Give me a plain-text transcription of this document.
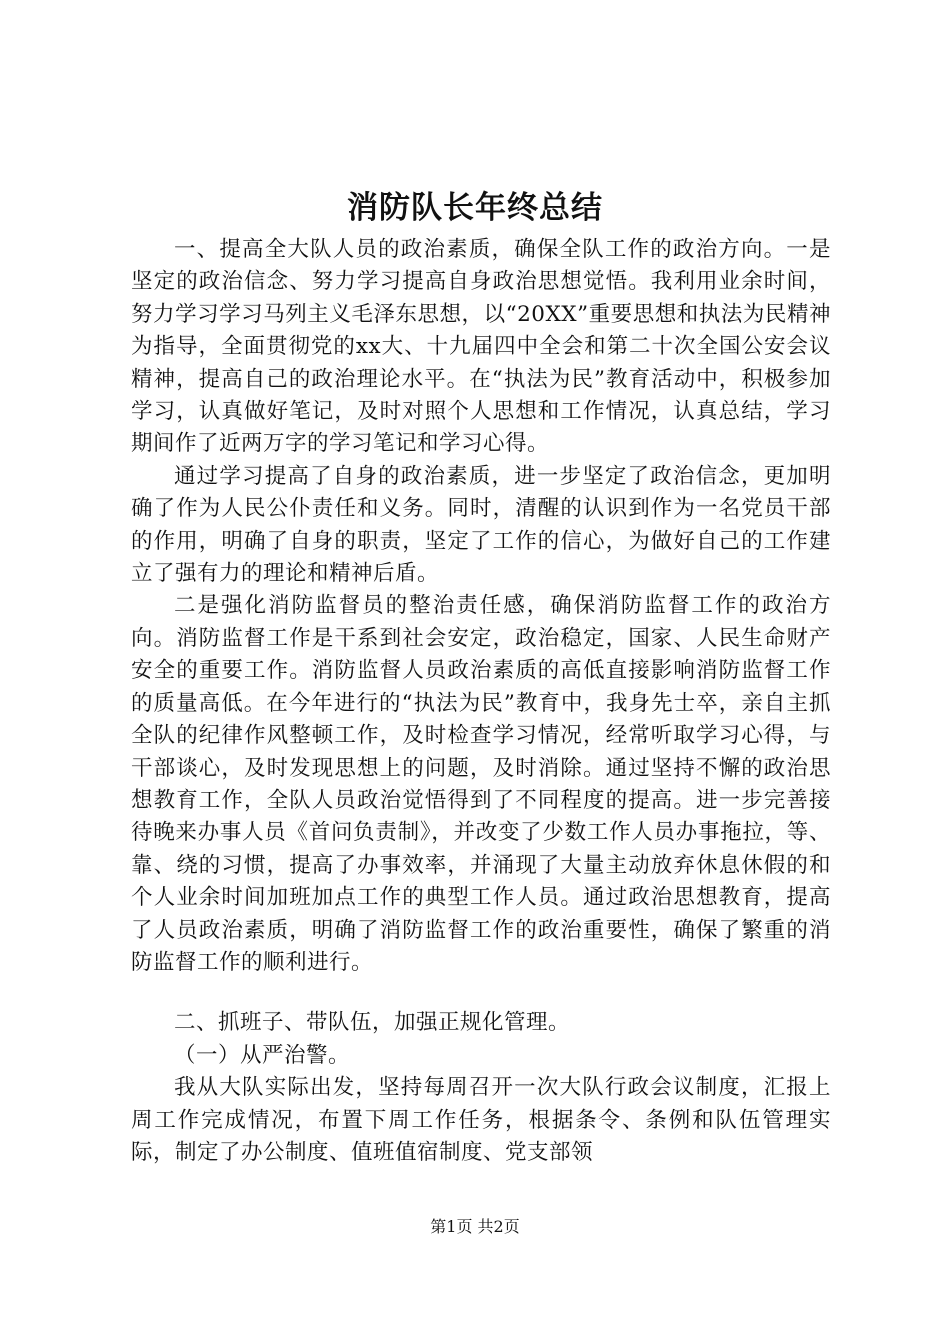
消防队长年终总结

一、提高全大队人员的政治素质，确保全队工作的政治方向。一是坚定的政治信念、努力学习提高自身政治思想觉悟。我利用业余时间，努力学习学习马列主义毛泽东思想，以“20XX”重要思想和执法为民精神为指导，全面贯彻党的xx大、十九届四中全会和第二十次全国公安会议精神，提高自己的政治理论水平。在“执法为民”教育活动中，积极参加学习，认真做好笔记，及时对照个人思想和工作情况，认真总结，学习期间作了近两万字的学习笔记和学习心得。

通过学习提高了自身的政治素质，进一步坚定了政治信念，更加明确了作为人民公仆责任和义务。同时，清醒的认识到作为一名党员干部的作用，明确了自身的职责，坚定了工作的信心，为做好自己的工作建立了强有力的理论和精神后盾。

二是强化消防监督员的整治责任感，确保消防监督工作的政治方向。消防监督工作是干系到社会安定，政治稳定，国家、人民生命财产安全的重要工作。消防监督人员政治素质的高低直接影响消防监督工作的质量高低。在今年进行的“执法为民”教育中，我身先士卒，亲自主抓全队的纪律作风整顿工作，及时检查学习情况，经常听取学习心得，与干部谈心，及时发现思想上的问题，及时消除。通过坚持不懈的政治思想教育工作，全队人员政治觉悟得到了不同程度的提高。进一步完善接待晚来办事人员《首问负责制》，并改变了少数工作人员办事拖拉，等、靠、绕的习惯，提高了办事效率，并涌现了大量主动放弃休息休假的和个人业余时间加班加点工作的典型工作人员。通过政治思想教育，提高了人员政治素质，明确了消防监督工作的政治重要性，确保了繁重的消防监督工作的顺利进行。

二、抓班子、带队伍，加强正规化管理。

（一）从严治警。

我从大队实际出发，坚持每周召开一次大队行政会议制度，汇报上周工作完成情况，布置下周工作任务，根据条令、条例和队伍管理实际，制定了办公制度、值班值宿制度、党支部领

第1页 共2页
